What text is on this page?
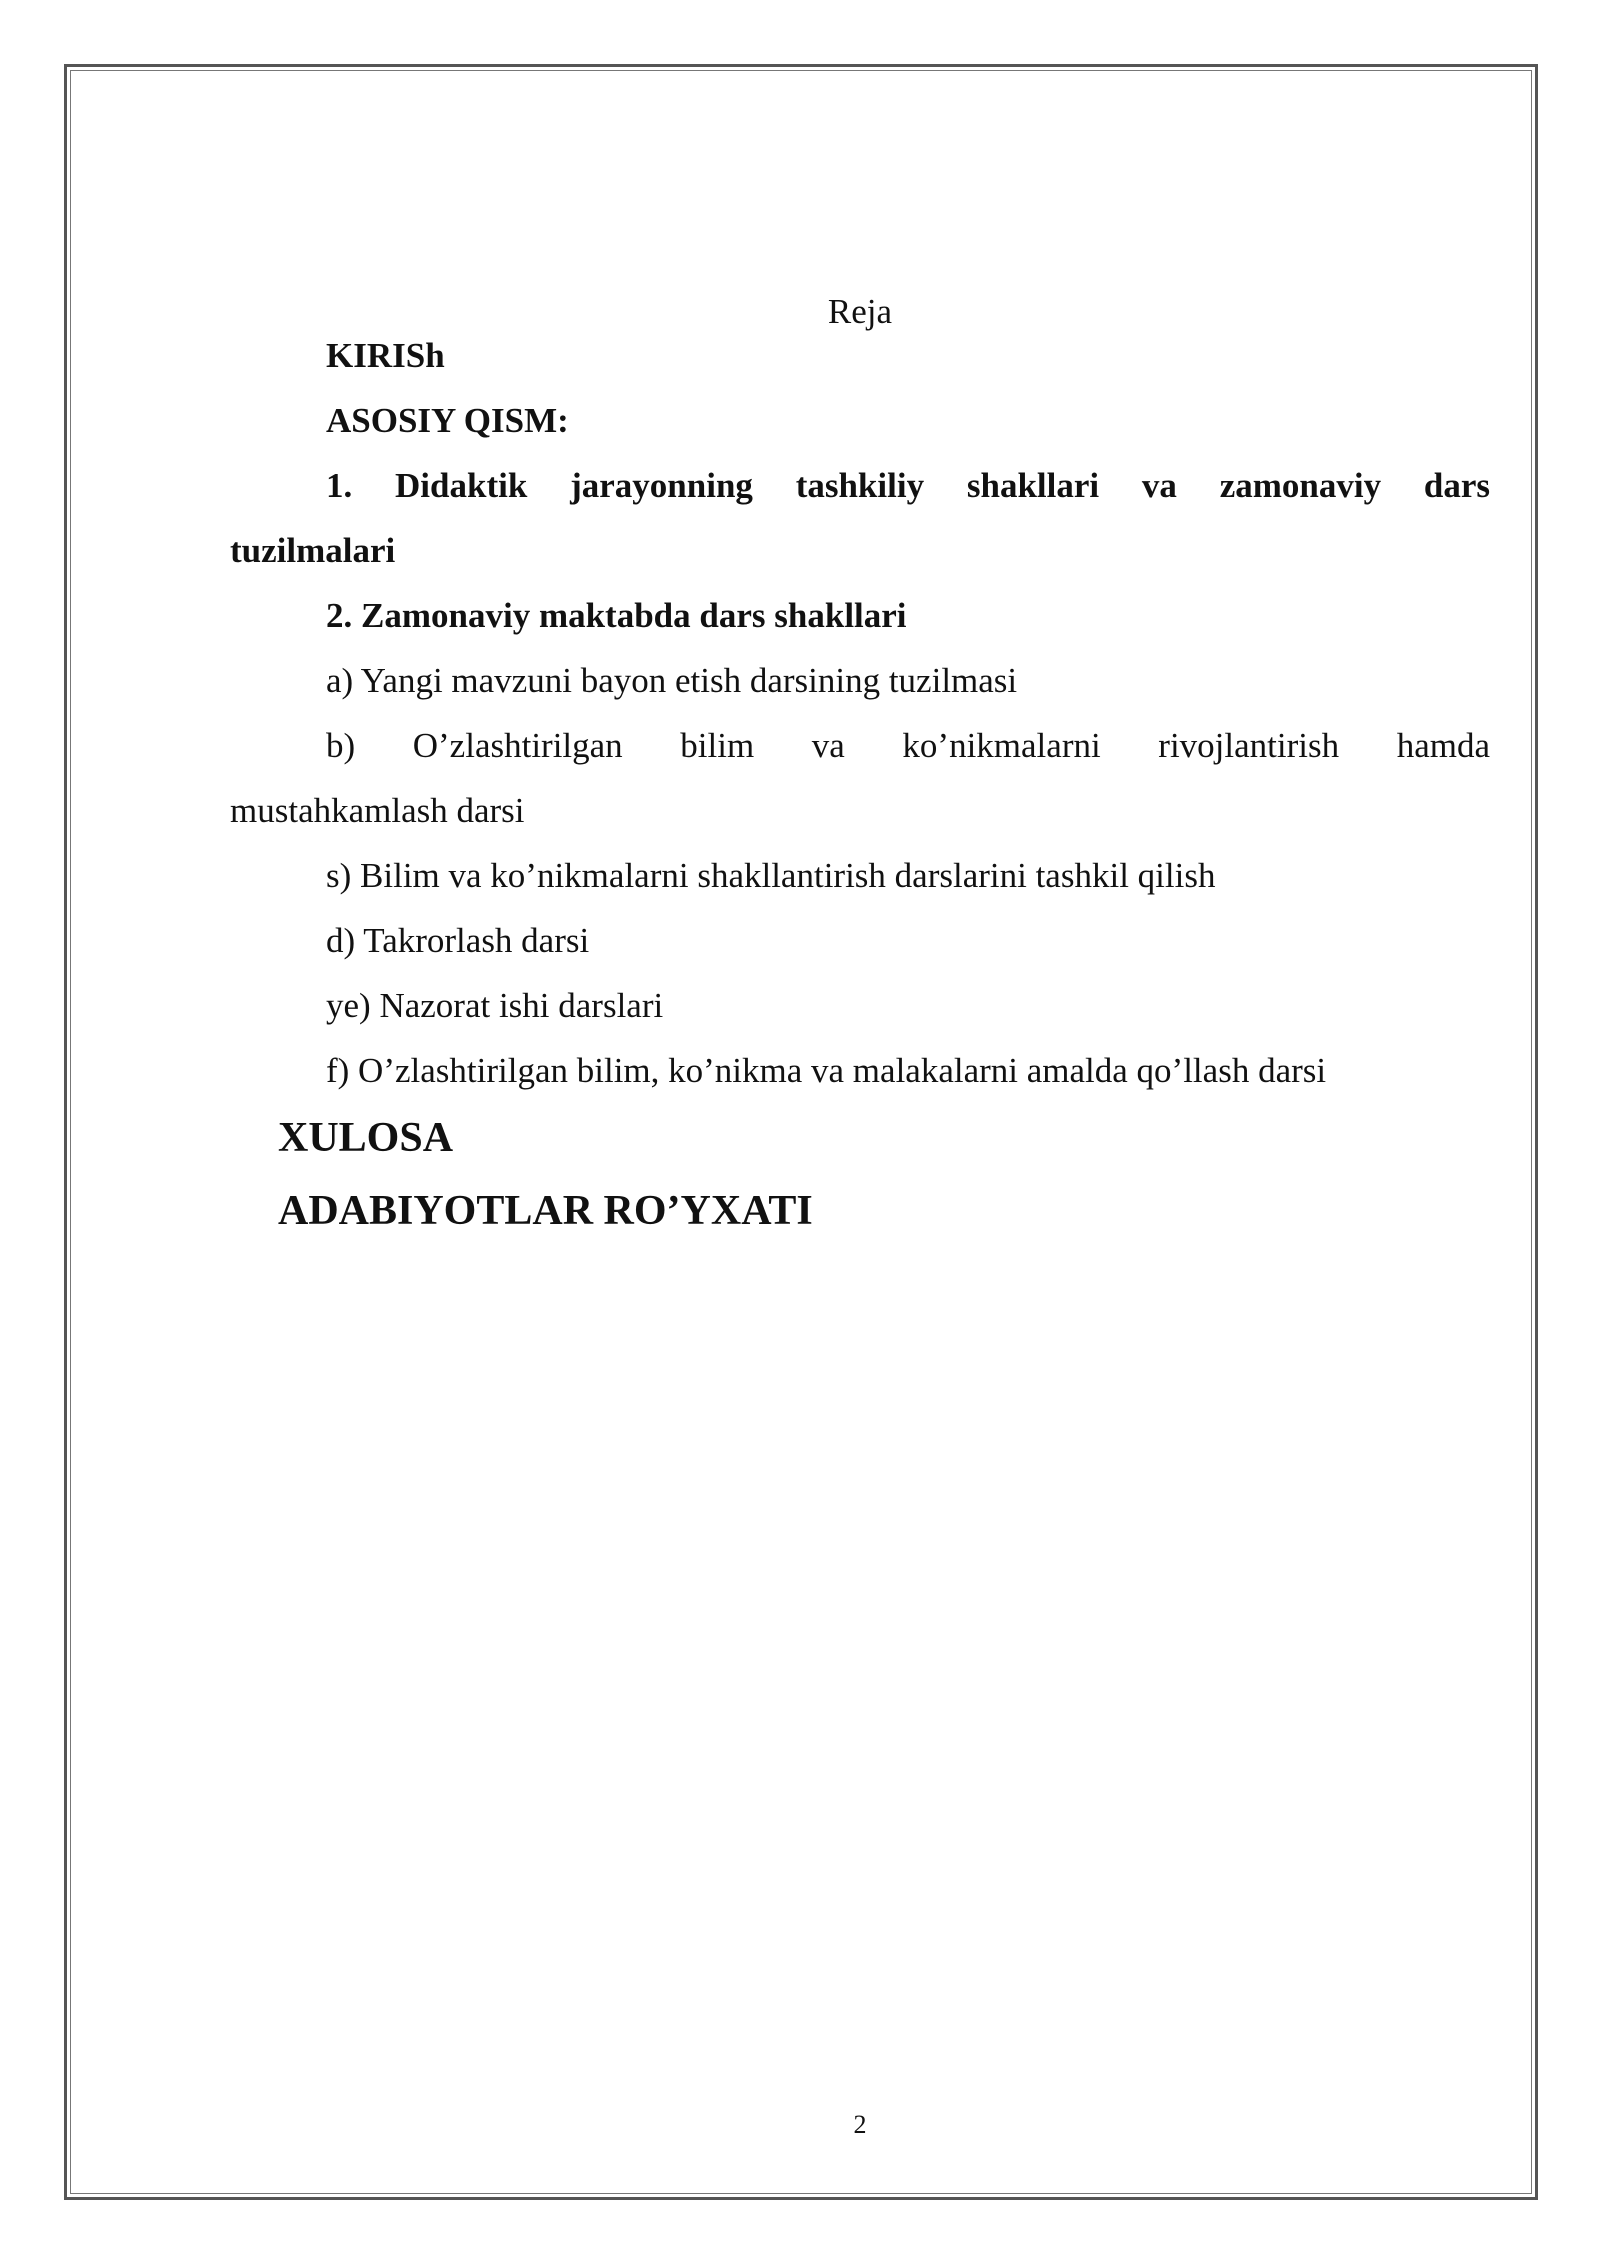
Reja
KIRISh
ASOSIY QISM:
1. Didaktik jarayonning tashkiliy shakllari va zamonaviy dars
tuzilmalari
2. Zamonaviy maktabda dars shakllari
a) Yangi mavzuni bayon etish darsining tuzilmasi
b) O’zlashtirilgan bilim va ko’nikmalarni rivojlantirish hamda
mustahkamlash darsi
s) Bilim va ko’nikmalarni shakllantirish darslarini tashkil qilish
d) Takrorlash darsi
ye) Nazorat ishi darslari
f) O’zlashtirilgan bilim, ko’nikma va malakalarni amalda qo’llash darsi
XULOSA
ADABIYOTLAR RO’YXATI
2
